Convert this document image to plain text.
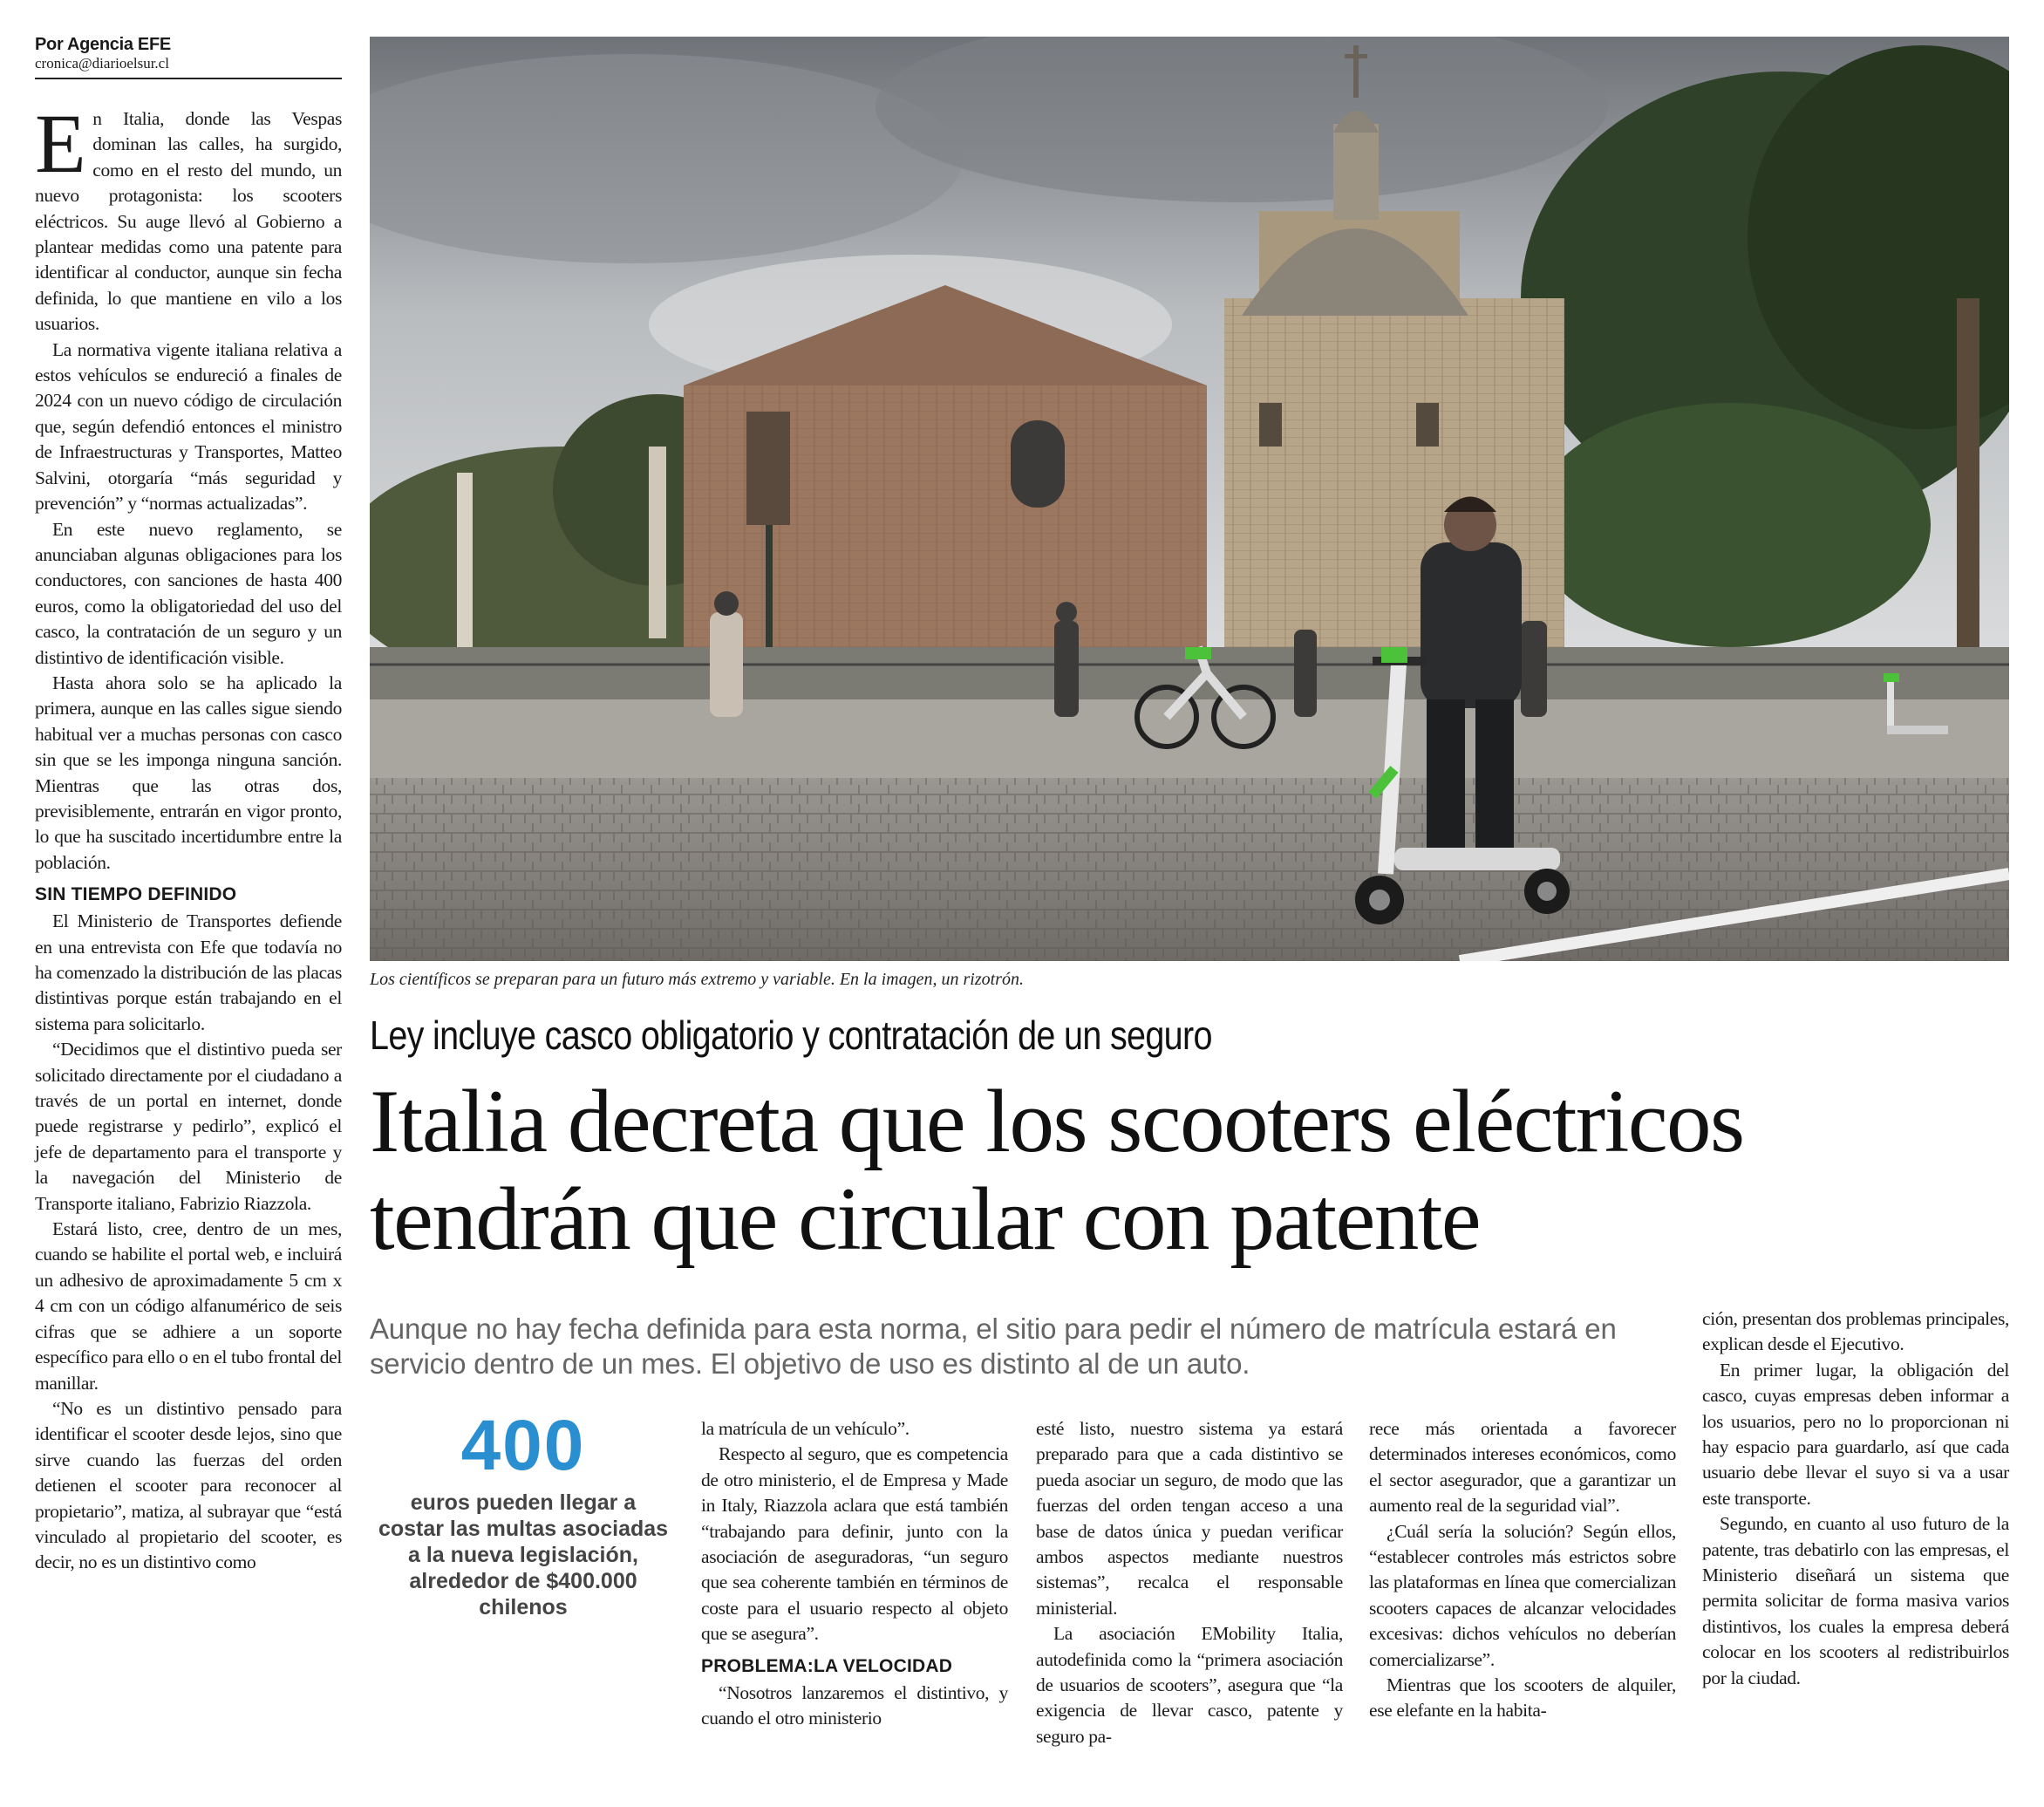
Por Agencia EFE
cronica@diarioelsur.cl

En Italia, donde las Vespas dominan las calles, ha surgido, como en el resto del mundo, un nuevo protagonista: los scooters eléctricos. Su auge llevó al Gobierno a plantear medidas como una patente para identificar al conductor, aunque sin fecha definida, lo que mantiene en vilo a los usuarios.

La normativa vigente italiana relativa a estos vehículos se endureció a finales de 2024 con un nuevo código de circulación que, según defendió entonces el ministro de Infraestructuras y Transportes, Matteo Salvini, otorgaría “más seguridad y prevención” y “normas actualizadas”.

En este nuevo reglamento, se anunciaban algunas obligaciones para los conductores, con sanciones de hasta 400 euros, como la obligatoriedad del uso del casco, la contratación de un seguro y un distintivo de identificación visible.

Hasta ahora solo se ha aplicado la primera, aunque en las calles sigue siendo habitual ver a muchas personas con casco sin que se les imponga ninguna sanción. Mientras que las otras dos, previsiblemente, entrarán en vigor pronto, lo que ha suscitado incertidumbre entre la población.

SIN TIEMPO DEFINIDO

El Ministerio de Transportes defiende en una entrevista con Efe que todavía no ha comenzado la distribución de las placas distintivas porque están trabajando en el sistema para solicitarlo.

“Decidimos que el distintivo pueda ser solicitado directamente por el ciudadano a través de un portal en internet, donde puede registrarse y pedirlo”, explicó el jefe de departamento para el transporte y la navegación del Ministerio de Transporte italiano, Fabrizio Riazzola.

Estará listo, cree, dentro de un mes, cuando se habilite el portal web, e incluirá un adhesivo de aproximadamente 5 cm x 4 cm con un código alfanumérico de seis cifras que se adhiere a un soporte específico para ello o en el tubo frontal del manillar.

“No es un distintivo pensado para identificar el scooter desde lejos, sino que sirve cuando las fuerzas del orden detienen el scooter para reconocer al propietario”, matiza, al subrayar que “está vinculado al propietario del scooter, es decir, no es un distintivo como

Los científicos se preparan para un futuro más extremo y variable. En la imagen, un rizotrón.
Ley incluye casco obligatorio y contratación de un seguro
Italia decreta que los scooters eléctricos
tendrán que circular con patente
Aunque no hay fecha definida para esta norma, el sitio para pedir el número de matrícula estará en servicio dentro de un mes. El objetivo de uso es distinto al de un auto.
400
euros pueden llegar a costar las multas asociadas a la nueva legislación, alrededor de $400.000 chilenos

la matrícula de un vehículo”.

Respecto al seguro, que es competencia de otro ministerio, el de Empresa y Made in Italy, Riazzola aclara que está también “trabajando para definir, junto con la asociación de aseguradoras, “un seguro que sea coherente también en términos de coste para el usuario respecto al objeto que se asegura”.

PROBLEMA:LA VELOCIDAD

“Nosotros lanzaremos el distintivo, y cuando el otro ministerio

esté listo, nuestro sistema ya estará preparado para que a cada distintivo se pueda asociar un seguro, de modo que las fuerzas del orden tengan acceso a una base de datos única y puedan verificar ambos aspectos mediante nuestros sistemas”, recalca el responsable ministerial.

La asociación EMobility Italia, autodefinida como la “primera asociación de usuarios de scooters”, asegura que “la exigencia de llevar casco, patente y seguro pa-

rece más orientada a favorecer determinados intereses económicos, como el sector asegurador, que a garantizar un aumento real de la seguridad vial”.

¿Cuál sería la solución? Según ellos, “establecer controles más estrictos sobre las plataformas en línea que comercializan scooters capaces de alcanzar velocidades excesivas: dichos vehículos no deberían comercializarse”.

Mientras que los scooters de alquiler, ese elefante en la habita-

ción, presentan dos problemas principales, explican desde el Ejecutivo.

En primer lugar, la obligación del casco, cuyas empresas deben informar a los usuarios, pero no lo proporcionan ni hay espacio para guardarlo, así que cada usuario debe llevar el suyo si va a usar este transporte.

Segundo, en cuanto al uso futuro de la patente, tras debatirlo con las empresas, el Ministerio diseñará un sistema que permita solicitar de forma masiva varios distintivos, los cuales la empresa deberá colocar en los scooters al redistribuirlos por la ciudad.
